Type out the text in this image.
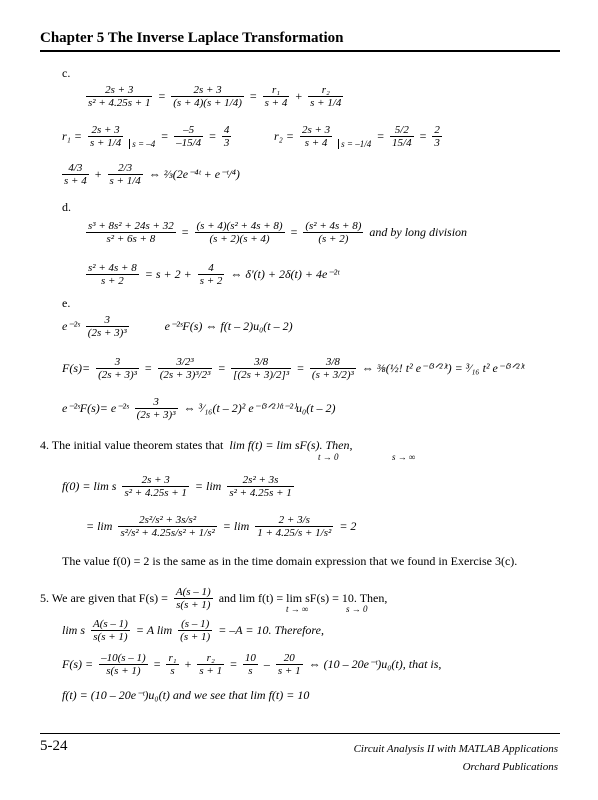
Chapter 5 The Inverse Laplace Transformation
c.
$\frac{2s + 3}{\text{s² + 4.25s + 1}} = \frac{2s + 3}{(s + 4)(s + 1/4)} = \frac{\text{r₁}}{s + 4} + \frac{\text{r₂}}{s + 1/4}$
$r_1 = \frac{2s + 3}{s + 1/4}$	s = –4
= $\frac{-5}{-15/4} = \frac{4}{3}$	$r_2 = \frac{2s + 3}{s + 4}$	s = –1/4
= $\frac{5/2}{15/4} = \frac{2}{3}$
$\frac{4/3}{s + 4} + \frac{2/3}{s + 1/4}$ ⇔ ⅔(2e⁻⁴ᵗ + e⁻ᵗ/⁴)
d.
$\frac{\text{s³ + 8s² + 24s + 32}}{\text{s² + 6s + 8}} = \frac{\text{(s + 4)(s² + 4s + 8)}}{(s + 2)(s + 4)} = \frac{\text{(s² + 4s + 8)}}{(s + 2)}$ and by long division
$\frac{\text{s² + 4s + 8}}{s + 2} = s + 2 + \frac{4}{s + 2}$ ⇔ δ'(t) + 2δ(t) + 4e⁻²ᵗ
e.
e⁻²ˢ $\frac{3}{\text{(2s + 3)³}}$	e⁻²ˢF(s) ⇔ f(t – 2)u₀(t – 2)
$F(s)= \frac{3}{\text{(2s + 3)³}} = \frac{\text{3/2³}}{\text{(2s + 3)³/2³}} = \frac{3/8}{\text{[(2s + 3)/2]³}} = \frac{3/8}{\text{(s + 3/2)³}}$ ⇔ ⅜(½! t² e⁻⁽³ᐟ²⁾ᵗ) = ³⁄₁₆ t² e⁻⁽³ᐟ²⁾ᵗ
e⁻²ˢF(s)= e⁻²ˢ $\frac{3}{\text{(2s + 3)³}}$ ⇔ ³⁄₁₆(t – 2)² e⁻⁽³ᐟ²⁾⁽ᵗ⁻²⁾u₀(t – 2)
4. The initial value theorem states that lim f(t) = lim sF(s). Then,
t → 0	s → ∞
f(0) = lim s $\frac{2s + 3}{\text{s² + 4.25s + 1}} = \lim \frac{\text{2s² + 3s}}{\text{s² + 4.25s + 1}}$
= $\lim \frac{\text{2s²/s² + 3s/s²}}{\text{s²/s² + 4.25s/s² + 1/s²}} = \lim \frac{2 + 3/s}{\text{1 + 4.25/s + 1/s²}} = 2$
The value f(0) = 2 is the same as in the time domain expression that we found in Exercise 3(c).
5. We are given that $F(s) = \frac{A(s - 1)}{s(s + 1)}$ and lim f(t) = lim sF(s) = 10. Then,
t → ∞	s → 0
lim s $\frac{A(s - 1)}{s(s + 1)} = A$ $\lim \frac{(s - 1)}{(s + 1)} = -A = 10$. Therefore,
$F(s) = \frac{-10(s - 1)}{s(s + 1)} = \frac{\text{r₁}}{s} + \frac{\text{r₂}}{s + 1} = \frac{10}{s} - \frac{20}{s + 1}$ ⇔ (10 – 20e⁻ᵗ)u₀(t), that is,
f(t) = (10 – 20e⁻ᵗ)u₀(t) and we see that lim f(t) = 10
5-24	Circuit Analysis II with MATLAB Applications
Orchard Publications
